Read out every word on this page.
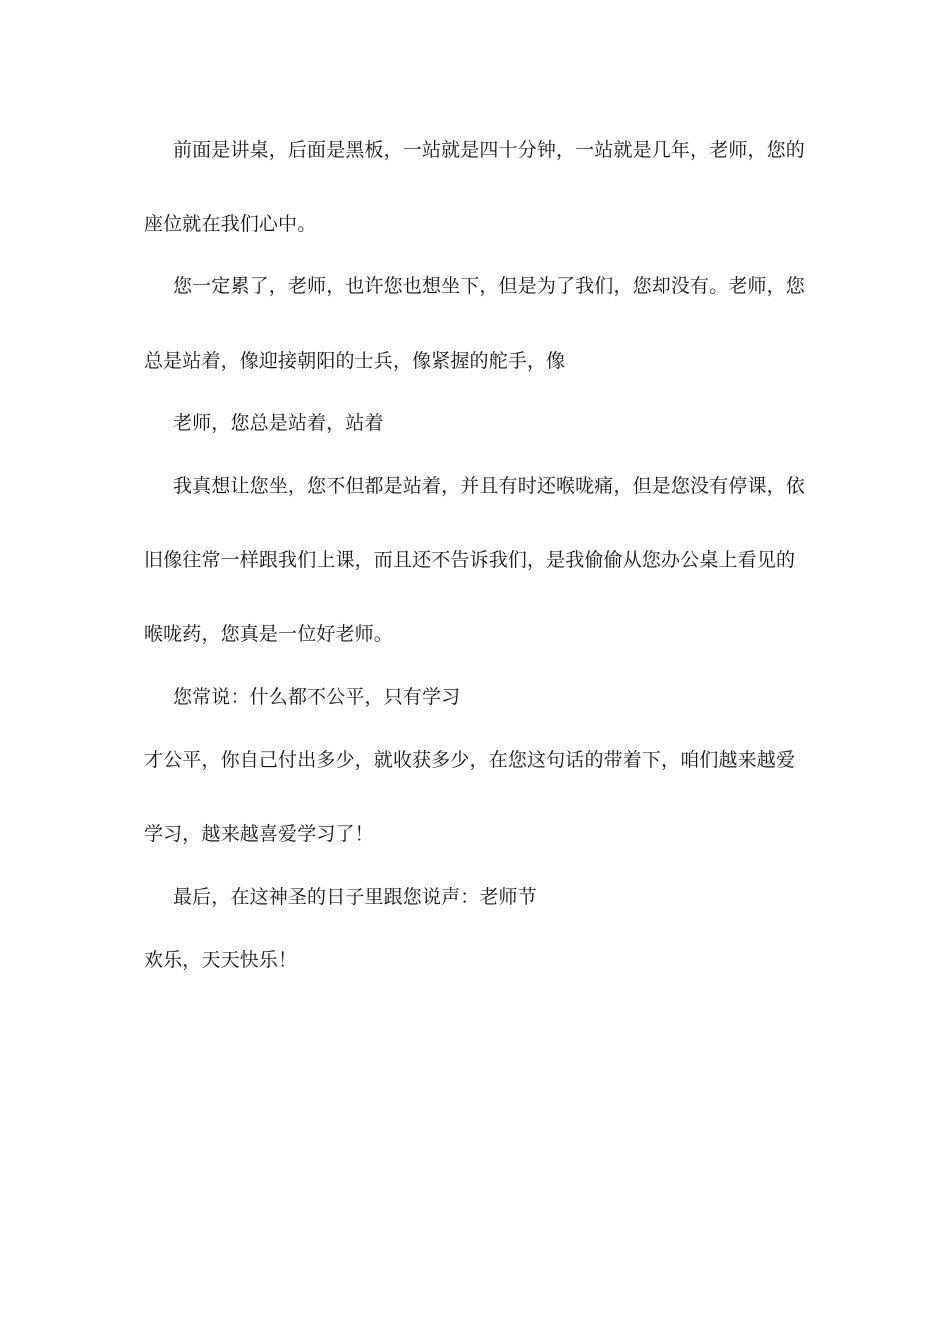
前面是讲桌，后面是黑板，一站就是四十分钟，一站就是几年，老师，您的
座位就在我们心中。
您一定累了，老师，也许您也想坐下，但是为了我们，您却没有。老师，您
总是站着，像迎接朝阳的士兵，像紧握的舵手，像
老师，您总是站着，站着
我真想让您坐，您不但都是站着，并且有时还喉咙痛，但是您没有停课，依
旧像往常一样跟我们上课，而且还不告诉我们，是我偷偷从您办公桌上看见的
喉咙药，您真是一位好老师。
您常说：什么都不公平，只有学习
才公平，你自己付出多少，就收获多少，在您这句话的带着下，咱们越来越爱
学习，越来越喜爱学习了！
最后，在这神圣的日子里跟您说声：老师节
欢乐，天天快乐！
